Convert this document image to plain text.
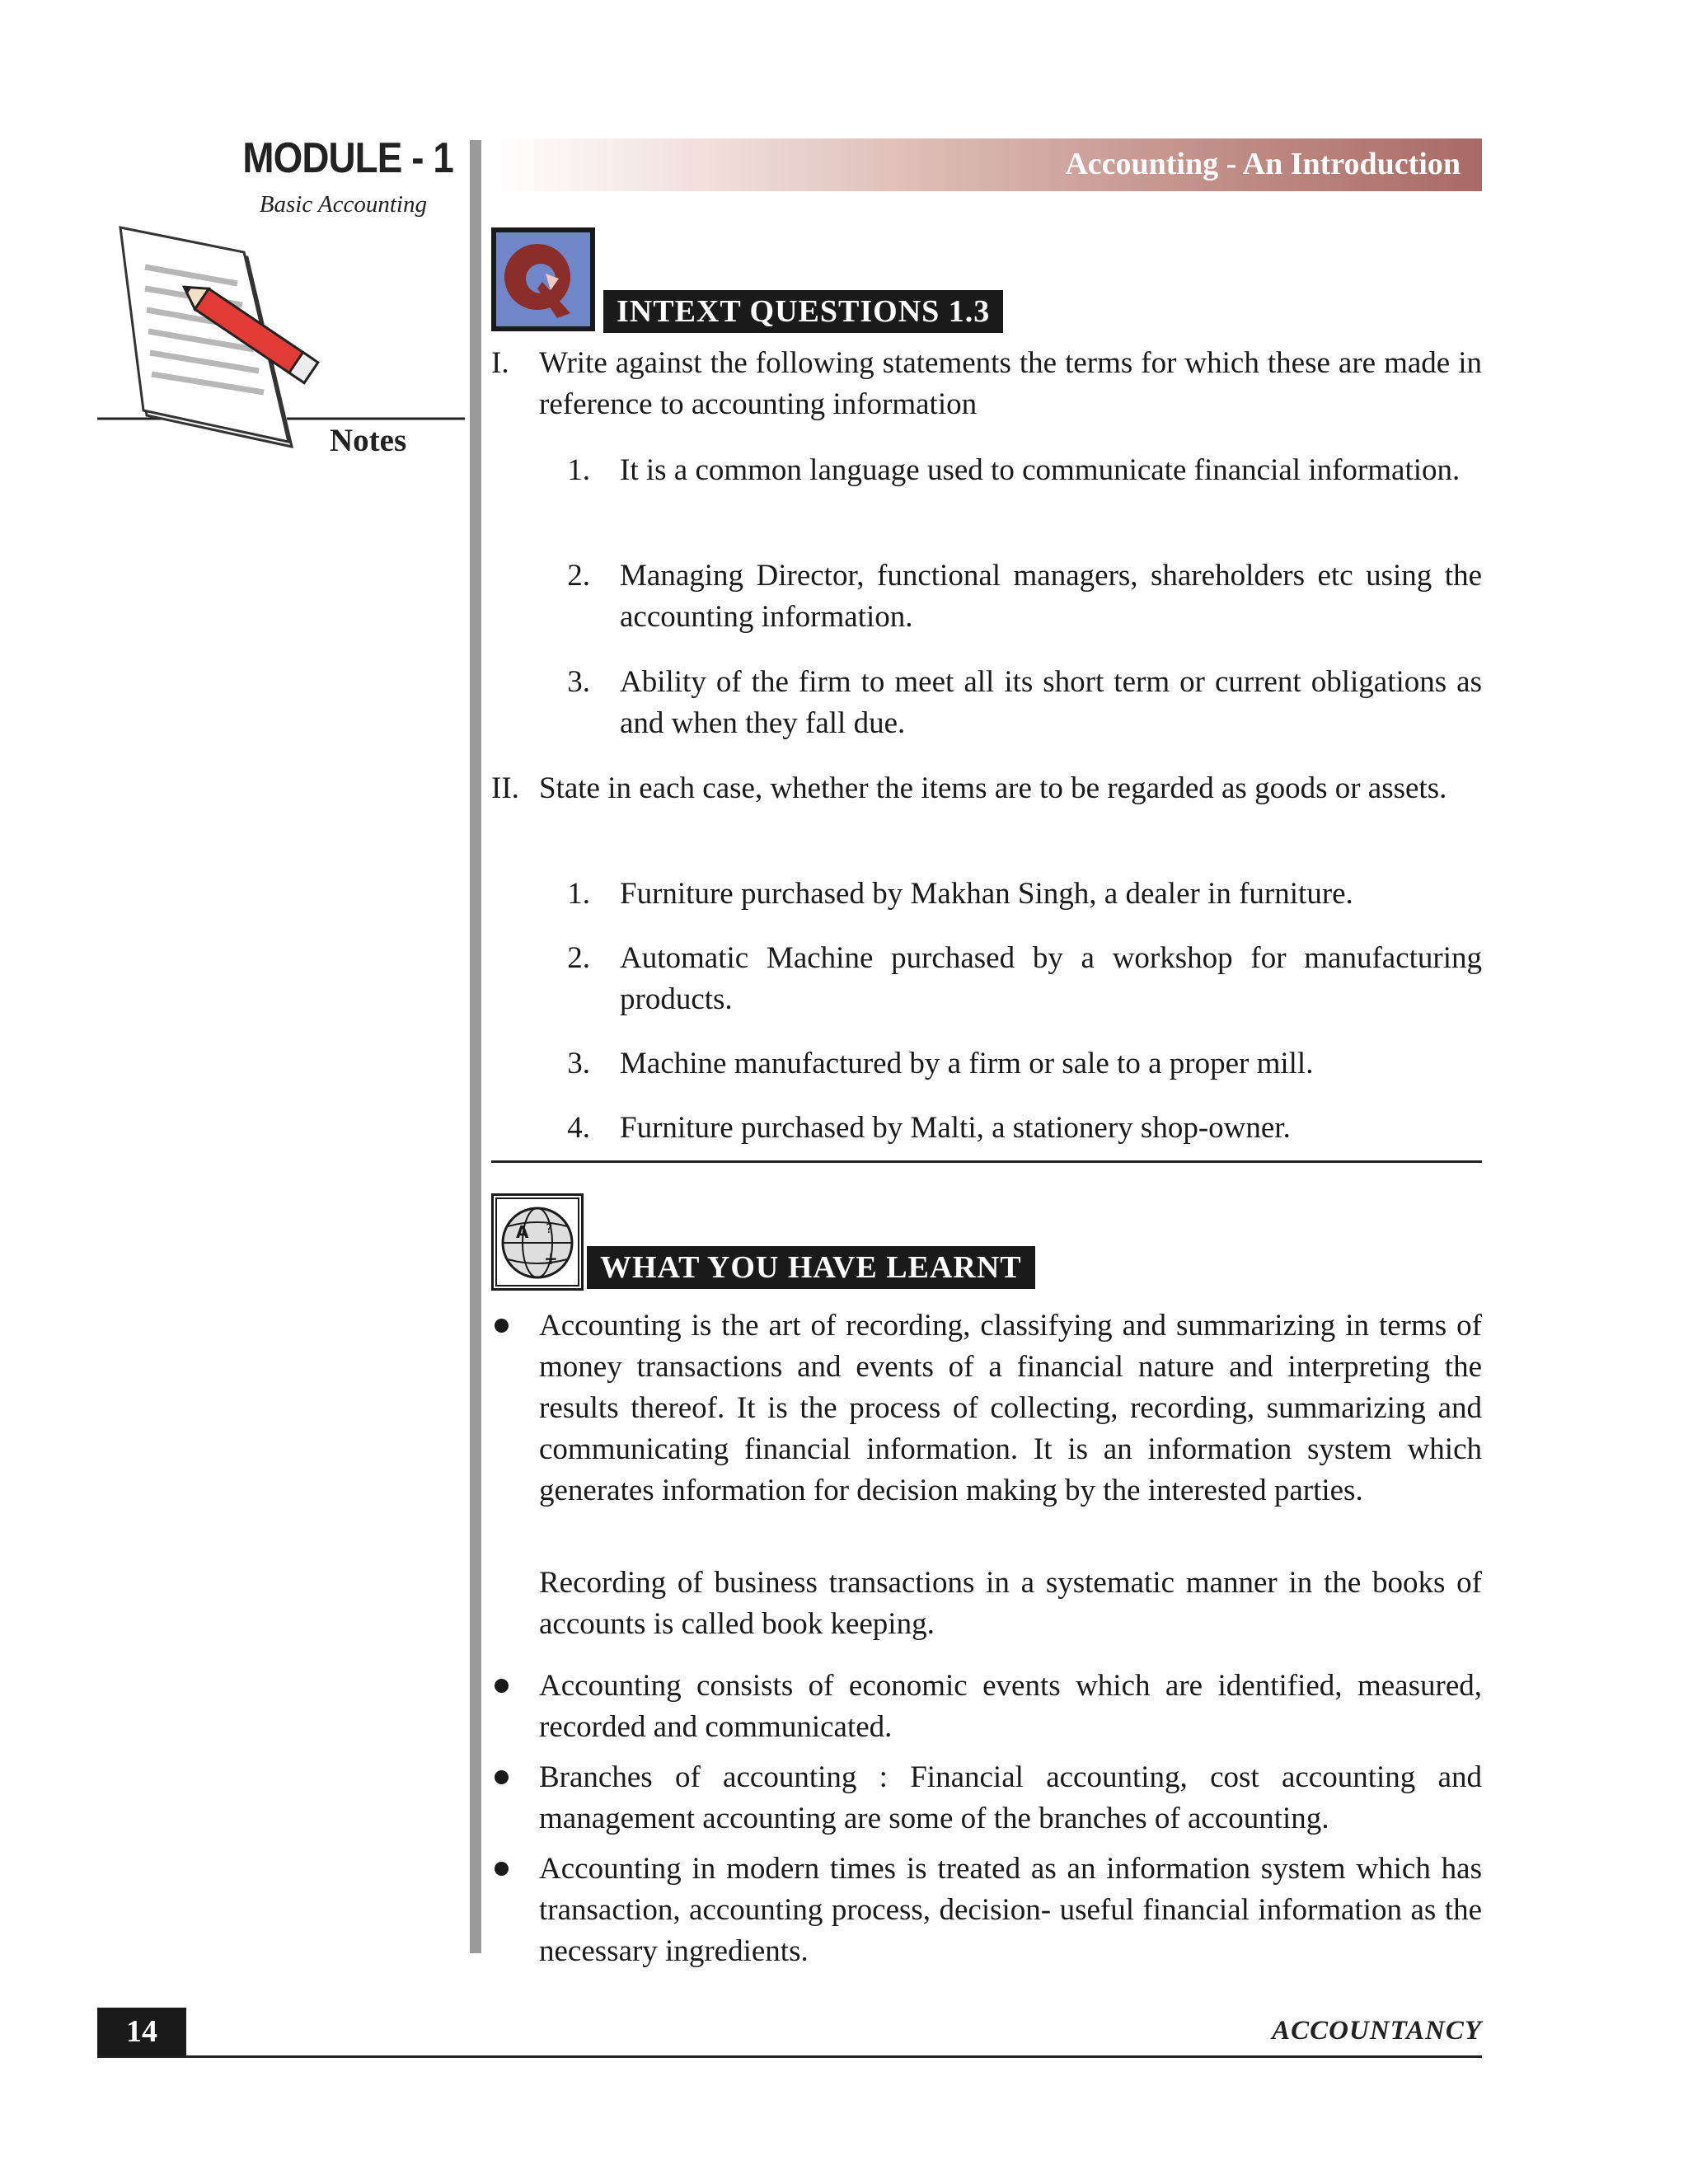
MODULE - 1
Basic Accounting
Notes
Accounting - An Introduction
INTEXT QUESTIONS 1.3
I. Write against the following statements the terms for which these are made in reference to accounting information
1. It is a common language used to communicate financial information.
2. Managing Director, functional managers, shareholders etc using the accounting information.
3. Ability of the firm to meet all its short term or current obligations as and when they fall due.
II. State in each case, whether the items are to be regarded as goods or assets.
1. Furniture purchased by Makhan Singh, a dealer in furniture.
2. Automatic Machine purchased by a workshop for manufacturing products.
3. Machine manufactured by a firm or sale to a proper mill.
4. Furniture purchased by Malti, a stationery shop-owner.
A
+
?
WHAT YOU HAVE LEARNT
Accounting is the art of recording, classifying and summarizing in terms of money transactions and events of a financial nature and interpreting the results thereof. It is the process of collecting, recording, summarizing and communicating financial information. It is an information system which generates information for decision making by the interested parties.
Recording of business transactions in a systematic manner in the books of accounts is called book keeping.
Accounting consists of economic events which are identified, measured, recorded and communicated.
Branches of accounting : Financial accounting, cost accounting and management accounting are some of the branches of accounting.
Accounting in modern times is treated as an information system which has transaction, accounting process, decision- useful financial information as the necessary ingredients.
14	ACCOUNTANCY
